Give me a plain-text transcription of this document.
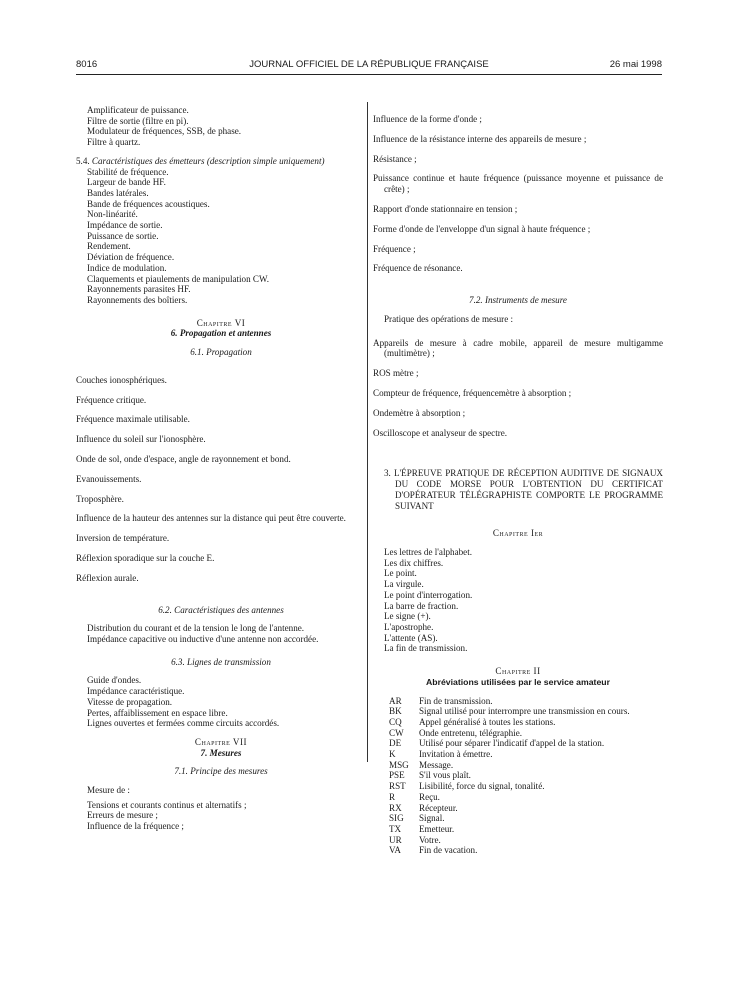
8016	JOURNAL OFFICIEL DE LA RÉPUBLIQUE FRANÇAISE	26 mai 1998

Amplificateur de puissance.

Filtre de sortie (filtre en pi).

Modulateur de fréquences, SSB, de phase.

Filtre à quartz.

5.4. Caractéristiques des émetteurs (description simple uniquement)

Stabilité de fréquence.

Largeur de bande HF.

Bandes latérales.

Bande de fréquences acoustiques.

Non-linéarité.

Impédance de sortie.

Puissance de sortie.

Rendement.

Déviation de fréquence.

Indice de modulation.

Claquements et piaulements de manipulation CW.

Rayonnements parasites HF.

Rayonnements des boîtiers.

Chapitre VI

6. Propagation et antennes

6.1. Propagation

Couches ionosphériques.

Fréquence critique.

Fréquence maximale utilisable.

Influence du soleil sur l'ionosphère.

Onde de sol, onde d'espace, angle de rayonnement et bond.

Evanouissements.

Troposphère.

Influence de la hauteur des antennes sur la distance qui peut être couverte.

Inversion de température.

Réflexion sporadique sur la couche E.

Réflexion aurale.

6.2. Caractéristiques des antennes

Distribution du courant et de la tension le long de l'antenne.

Impédance capacitive ou inductive d'une antenne non accordée.

6.3. Lignes de transmission

Guide d'ondes.

Impédance caractéristique.

Vitesse de propagation.

Pertes, affaiblissement en espace libre.

Lignes ouvertes et fermées comme circuits accordés.

Chapitre VII

7. Mesures

7.1. Principe des mesures

Mesure de :

Tensions et courants continus et alternatifs ;

Erreurs de mesure ;

Influence de la fréquence ;

Influence de la forme d'onde ;

Influence de la résistance interne des appareils de mesure ;

Résistance ;

Puissance continue et haute fréquence (puissance moyenne et puissance de crête) ;

Rapport d'onde stationnaire en tension ;

Forme d'onde de l'enveloppe d'un signal à haute fréquence ;

Fréquence ;

Fréquence de résonance.

7.2. Instruments de mesure

Pratique des opérations de mesure :

Appareils de mesure à cadre mobile, appareil de mesure multigamme (multimètre) ;

ROS mètre ;

Compteur de fréquence, fréquencemètre à absorption ;

Ondemètre à absorption ;

Oscilloscope et analyseur de spectre.

3. L'ÉPREUVE PRATIQUE DE RÉCEPTION AUDITIVE DE SIGNAUX DU CODE MORSE POUR L'OBTENTION DU CERTIFICAT D'OPÉRATEUR TÉLÉGRAPHISTE COMPORTE LE PROGRAMME SUIVANT

Chapitre Ier

Les lettres de l'alphabet.

Les dix chiffres.

Le point.

La virgule.

Le point d'interrogation.

La barre de fraction.

Le signe (+).

L'apostrophe.

L'attente (AS).

La fin de transmission.

Chapitre II

Abréviations utilisées par le service amateur

AR	Fin de transmission.
BK	Signal utilisé pour interrompre une transmission en cours.
CQ	Appel généralisé à toutes les stations.
CW	Onde entretenu, télégraphie.
DE	Utilisé pour séparer l'indicatif d'appel de la station.
K	Invitation à émettre.
MSG	Message.
PSE	S'il vous plaît.
RST	Lisibilité, force du signal, tonalité.
R	Reçu.
RX	Récepteur.
SIG	Signal.
TX	Emetteur.
UR	Votre.
VA	Fin de vacation.
